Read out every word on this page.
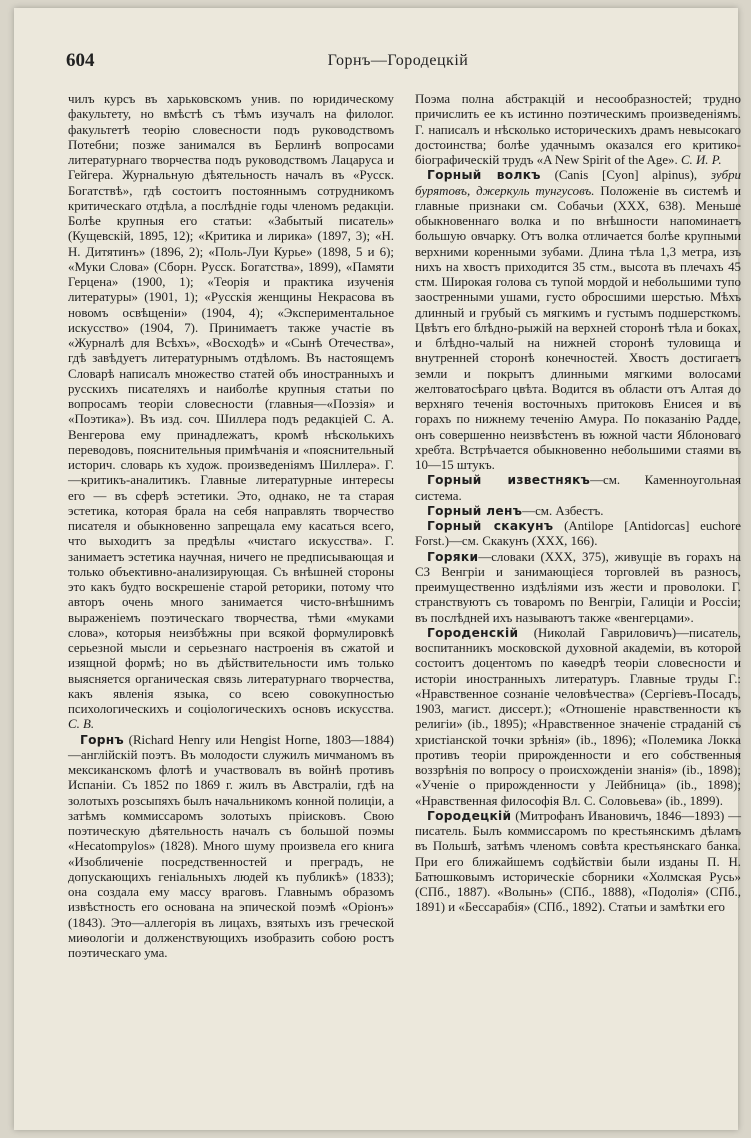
604	Горнъ—Городецкій

чилъ курсъ въ харьковскомъ унив. по юридическому факультету, но вмѣстѣ съ тѣмъ изучалъ на филолог. факультетѣ теорію словесности подъ руководствомъ Потебни; позже занимался въ Берлинѣ вопросами литературнаго творчества подъ руководствомъ Лацаруса и Гейгера. Журнальную дѣятельность началъ въ «Русск. Богатствѣ», гдѣ состоитъ постояннымъ сотрудникомъ критическаго отдѣла, а послѣдніе годы членомъ редакціи. Болѣе крупныя его статьи: «Забытый писатель» (Кущевскій, 1895, 12); «Критика и лирика» (1897, 3); «Н. Н. Дитятинъ» (1896, 2); «Поль-Луи Курье» (1898, 5 и 6); «Муки Слова» (Сборн. Русск. Богатства», 1899), «Памяти Герцена» (1900, 1); «Теорія и практика изученія литературы» (1901, 1); «Русскія женщины Некрасова въ новомъ освѣщеніи» (1904, 4); «Экспериментальное искусство» (1904, 7). Принимаетъ также участіе въ «Журналѣ для Всѣхъ», «Восходѣ» и «Сынѣ Отечества», гдѣ завѣдуетъ литературнымъ отдѣломъ. Въ настоящемъ Словарѣ написалъ множество статей объ иностранныхъ и русскихъ писателяхъ и наиболѣе крупныя статьи по вопросамъ теоріи словесности (главныя—«Поэзія» и «Поэтика»). Въ изд. соч. Шиллера подъ редакціей С. А. Венгерова ему принадлежатъ, кромѣ нѣсколькихъ переводовъ, пояснительныя примѣчанія и «пояснительный историч. словарь къ худож. произведеніямъ Шиллера». Г.—критикъ-аналитикъ. Главные литературные интересы его — въ сферѣ эстетики. Это, однако, не та старая эстетика, которая брала на себя направлять творчество писателя и обыкновенно запрещала ему касаться всего, что выходитъ за предѣлы «чистаго искусства». Г. занимаетъ эстетика научная, ничего не предписывающая и только объективно-анализирующая. Съ внѣшней стороны это какъ будто воскрешеніе старой реторики, потому что авторъ очень много занимается чисто-внѣшнимъ выраженіемъ поэтическаго творчества, тѣми «муками слова», которыя неизбѣжны при всякой формулировкѣ серьезной мысли и серьезнаго настроенія въ сжатой и изящной формѣ; но въ дѣйствительности имъ только выясняется органическая связь литературнаго творчества, какъ явленія языка, со всею совокупностью психологическихъ и соціологическихъ основъ искусства. С. В.

Горнъ (Richard Henry или Hengist Horne, 1803—1884)—англійскій поэтъ. Въ молодости служилъ мичманомъ въ мексиканскомъ флотѣ и участвовалъ въ войнѣ противъ Испаніи. Съ 1852 по 1869 г. жилъ въ Австраліи, гдѣ на золотыхъ розсыпяхъ былъ начальникомъ конной полиціи, а затѣмъ коммиссаромъ золотыхъ пріисковъ. Свою поэтическую дѣятельность началъ съ большой поэмы «Hecatompylos» (1828). Много шуму произвела его книга «Изобличеніе посредственностей и преградъ, не допускающихъ геніальныхъ людей къ публикѣ» (1833); она создала ему массу враговъ. Главнымъ образомъ извѣстность его основана на эпической поэмѣ «Оріонъ» (1843). Это—аллегорія въ лицахъ, взятыхъ изъ греческой миѳологіи и долженствующихъ изобразить собою ростъ поэтическаго ума.

Поэма полна абстракцій и несообразностей; трудно причислить ее къ истинно поэтическимъ произведеніямъ. Г. написалъ и нѣсколько историческихъ драмъ невысокаго достоинства; болѣе удачнымъ оказался его критико-біографическій трудъ «A New Spirit of the Age». С. И. Р.

Горный волкъ (Canis [Cyon] alpinus), зубри бурятовъ, джеркуль тунгусовъ. Положеніе въ системѣ и главные признаки см. Собачьи (XXX, 638). Меньше обыкновеннаго волка и по внѣшности напоминаетъ большую овчарку. Отъ волка отличается болѣе крупными верхними коренными зубами. Длина тѣла 1,3 метра, изъ нихъ на хвостъ приходится 35 стм., высота въ плечахъ 45 стм. Широкая голова съ тупой мордой и небольшими тупо заостренными ушами, густо обросшими шерстью. Мѣхъ длинный и грубый съ мягкимъ и густымъ подшерсткомъ. Цвѣтъ его блѣдно-рыжій на верхней сторонѣ тѣла и боках, и блѣдно-чалый на нижней сторонѣ туловища и внутренней сторонѣ конечностей. Хвостъ достигаетъ земли и покрытъ длинными мягкими волосами желтоватосѣраго цвѣта. Водится въ области отъ Алтая до верхняго теченія восточныхъ притоковъ Енисея и въ горахъ по нижнему теченію Амура. По показанію Радде, онъ совершенно неизвѣстенъ въ южной части Яблоноваго хребта. Встрѣчается обыкновенно небольшими стаями въ 10—15 штукъ.

Горный известнякъ—см. Каменноугольная система.

Горный ленъ—см. Азбестъ.

Горный скакунъ (Antilope [Antidorcas] euchore Forst.)—см. Скакунъ (XXX, 166).

Горяки—словаки (XXX, 375), живущіе въ горахъ на СЗ Венгріи и занимающіеся торговлей въ разносъ, преимущественно издѣліями изъ жести и проволоки. Г. странствуютъ съ товаромъ по Венгріи, Галиціи и Россіи; въ послѣдней ихъ называютъ также «венгерцами».

Городенскій (Николай Гавриловичъ)—писатель, воспитанникъ московской духовной академіи, въ которой состоитъ доцентомъ по каѳедрѣ теоріи словесности и исторіи иностранныхъ литературъ. Главные труды Г.: «Нравственное сознаніе человѣчества» (Сергіевъ-Посадъ, 1903, магист. диссерт.); «Отношеніе нравственности къ религіи» (ib., 1895); «Нравственное значеніе страданій съ христіанской точки зрѣнія» (ib., 1896); «Полемика Локка противъ теоріи прирожденности и его собственныя воззрѣнія по вопросу о происхожденіи знанія» (ib., 1898); «Ученіе о прирожденности у Лейбница» (ib., 1898); «Нравственная философія Вл. С. Соловьева» (ib., 1899).

Городецкій (Митрофанъ Ивановичъ, 1846—1893) — писатель. Былъ коммиссаромъ по крестьянскимъ дѣламъ въ Польшѣ, затѣмъ членомъ совѣта крестьянскаго банка. При его ближайшемъ содѣйствіи были изданы П. Н. Батюшковымъ историческіе сборники «Холмская Русь» (СПб., 1887). «Волынь» (СПб., 1888), «Подолія» (СПб., 1891) и «Бессарабія» (СПб., 1892). Статьи и замѣтки его
